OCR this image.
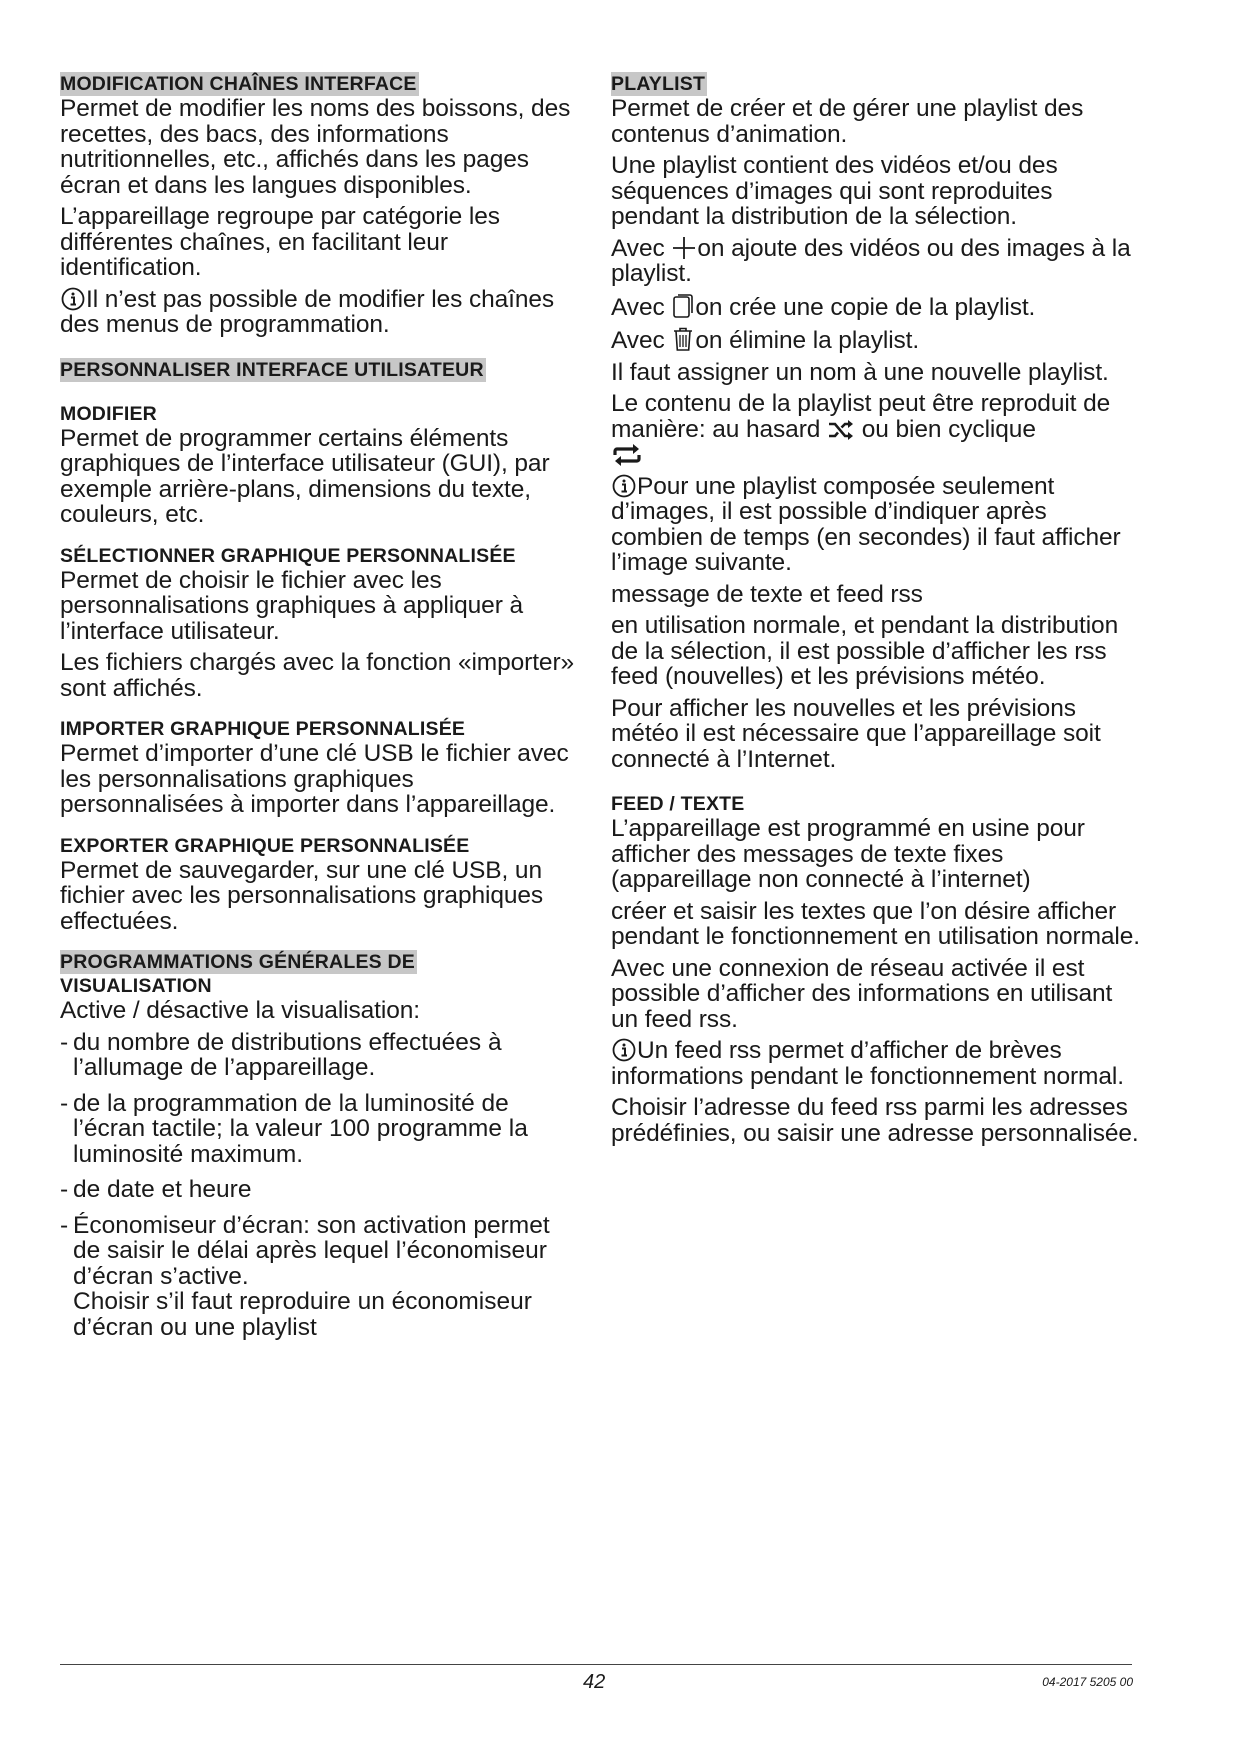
MODIFICATION CHAÎNES INTERFACE

Permet de modifier les noms des boissons, des recettes, des bacs, des informations nutritionnelles, etc., affichés dans les pages écran et dans les langues disponibles.

L’appareillage regroupe par catégorie les différentes chaînes, en facilitant leur identification.

Il n’est pas possible de modifier les chaînes des menus de programmation.

PERSONNALISER INTERFACE UTILISATEUR
MODIFIER

Permet de programmer certains éléments graphiques de l’interface utilisateur (GUI), par exemple arrière-plans, dimensions du texte, couleurs, etc.

SÉLECTIONNER GRAPHIQUE PERSONNALISÉE

Permet de choisir le fichier avec les personnalisations graphiques à appliquer à l’interface utilisateur.

Les fichiers chargés avec la fonction «importer» sont affichés.

IMPORTER GRAPHIQUE PERSONNALISÉE

Permet d’importer d’une clé USB le fichier avec les personnalisations graphiques personnalisées à importer dans l’appareillage.

EXPORTER GRAPHIQUE PERSONNALISÉE

Permet de sauvegarder, sur une clé USB, un fichier avec les personnalisations graphiques effectuées.

PROGRAMMATIONS GÉNÉRALES DE
VISUALISATION

Active / désactive la visualisation:

- du nombre de distributions effectuées à l’allumage de l’appareillage.
- de la programmation de la luminosité de l’écran tactile; la valeur 100 programme la luminosité maximum.
- de date et heure
- Économiseur d’écran: son activation permet de saisir le délai après lequel l’économiseur d’écran s’active.
Choisir s’il faut reproduire un économiseur d’écran ou une playlist
PLAYLIST

Permet de créer et de gérer une playlist des contenus d’animation.

Une playlist contient des vidéos et/ou des séquences d’images qui sont reproduites pendant la distribution de la sélection.

Avec on ajoute des vidéos ou des images à la playlist.

Avec on crée une copie de la playlist.

Avec on élimine la playlist.

Il faut assigner un nom à une nouvelle playlist.

Le contenu de la playlist peut être reproduit de manière: au hasard ou bien cyclique

Pour une playlist composée seulement d’images, il est possible d’indiquer après combien de temps (en secondes) il faut afficher l’image suivante.

message de texte et feed rss

en utilisation normale, et pendant la distribution de la sélection, il est possible d’afficher les rss feed (nouvelles) et les prévisions météo.

Pour afficher les nouvelles et les prévisions météo il est nécessaire que l’appareillage soit connecté à l’Internet.

FEED / TEXTE

L’appareillage est programmé en usine pour afficher des messages de texte fixes (appareillage non connecté à l’internet)

créer et saisir les textes que l’on désire afficher pendant le fonctionnement en utilisation normale.

Avec une connexion de réseau activée il est possible d’afficher des informations en utilisant un feed rss.

Un feed rss permet d’afficher de brèves informations pendant le fonctionnement normal.

Choisir l’adresse du feed rss parmi les adresses prédéfinies, ou saisir une adresse personnalisée.

42	04-2017 5205 00
